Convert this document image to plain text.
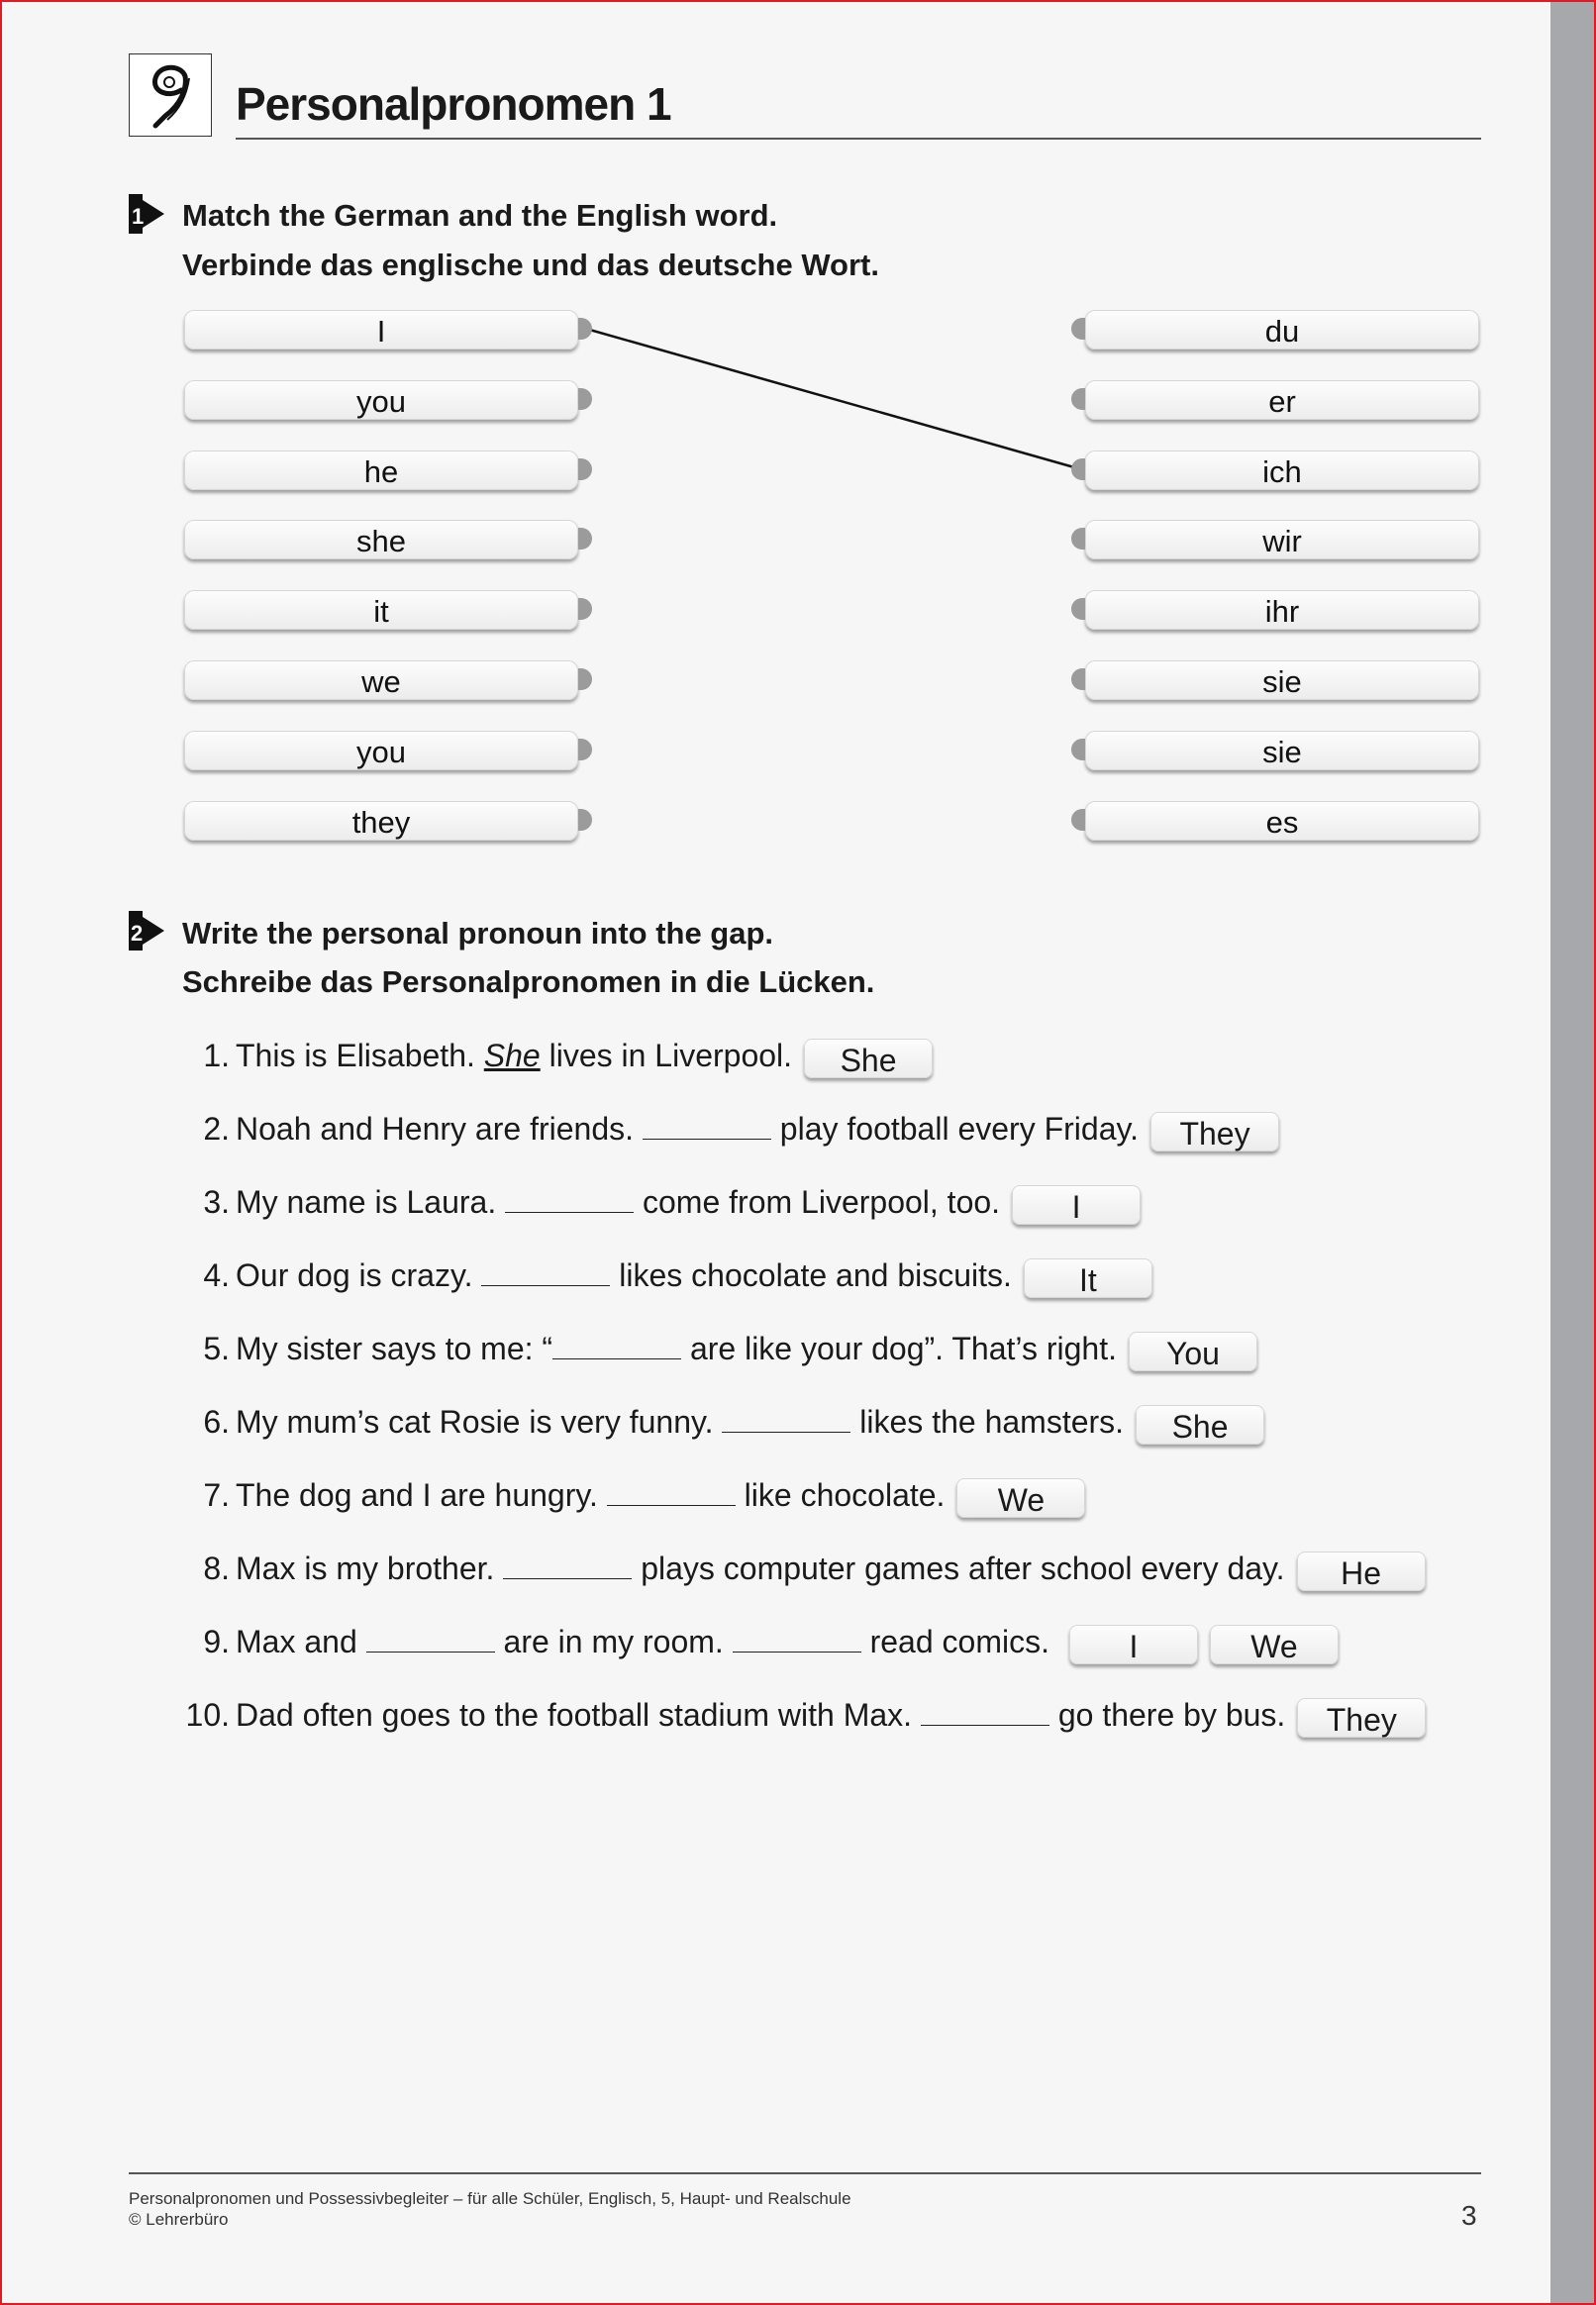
Personalpronomen 1
1 Match the German and the English word.
Verbinde das englische und das deutsche Wort.
I
you
he
she
it
we
you
they
du
er
ich
wir
ihr
sie
sie
es
2 Write the personal pronoun into the gap.
Schreibe das Personalpronomen in die Lücken.
1. This is Elisabeth. She lives in Liverpool. She
2. Noah and Henry are friends.	play football every Friday. They
3. My name is Laura.	come from Liverpool, too. I
4. Our dog is crazy.	likes chocolate and biscuits. It
5. My sister says to me: “	are like your dog”. That’s right. You
6. My mum’s cat Rosie is very funny.	likes the hamsters. She
7. The dog and I are hungry.	like chocolate. We
8. Max is my brother.	plays computer games after school every day. He
9. Max and	are in my room.	read comics.	I	We
10. Dad often goes to the football stadium with Max.	go there by bus. They
Personalpronomen und Possessivbegleiter – für alle Schüler, Englisch, 5, Haupt- und Realschule
© Lehrerbüro	3
